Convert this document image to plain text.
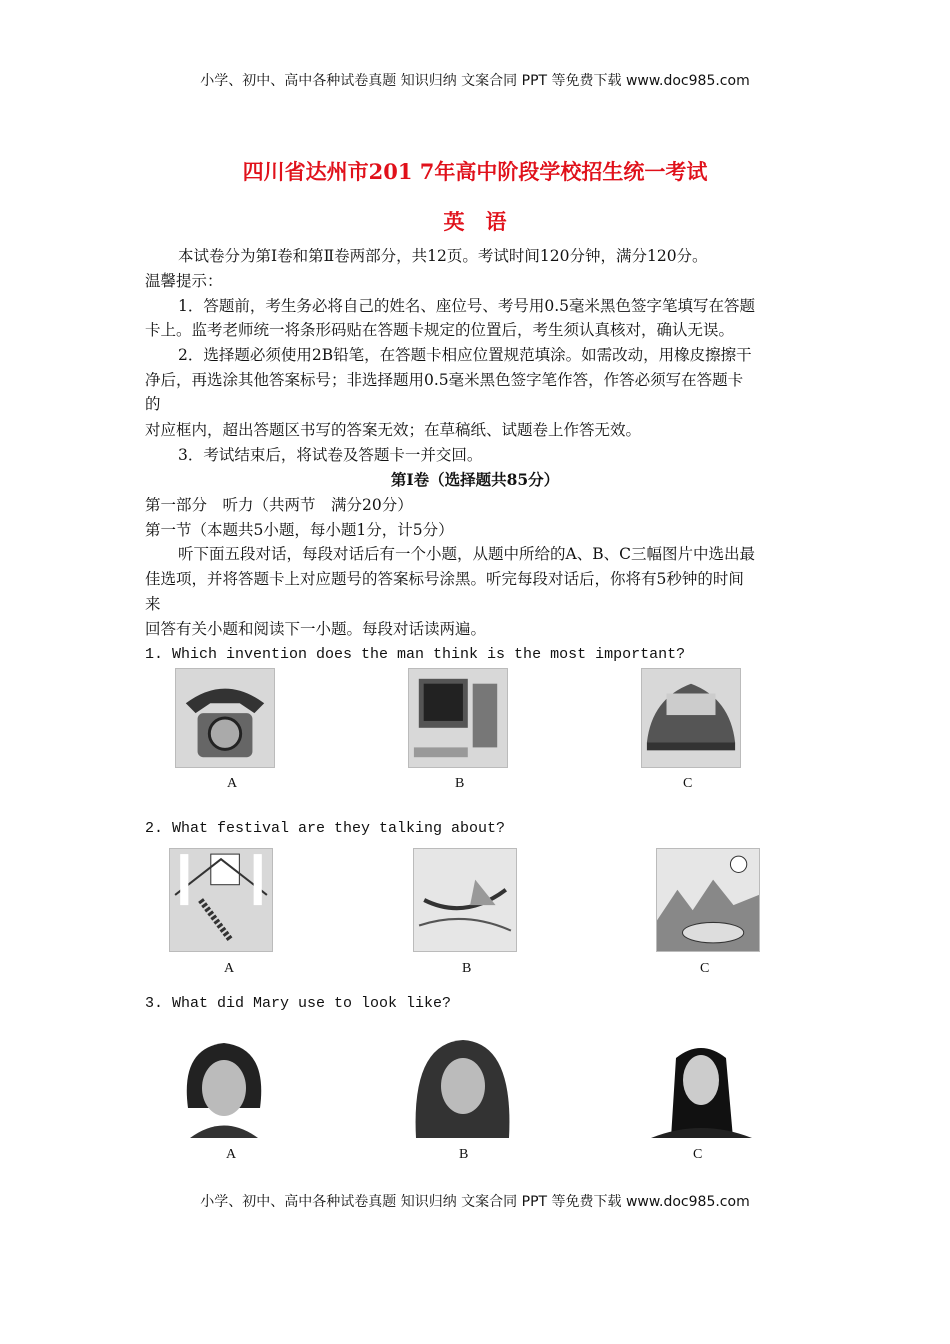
小学、初中、高中各种试卷真题 知识归纳 文案合同 PPT 等免费下载 www.doc985.com
四川省达州市201 7年高中阶段学校招生统一考试
英　语
本试卷分为第Ⅰ卷和第Ⅱ卷两部分，共12页。考试时间120分钟，满分120分。
温馨提示：
1．答题前，考生务必将自己的姓名、座位号、考号用0.5毫米黑色签字笔填写在答题
卡上。监考老师统一将条形码贴在答题卡规定的位置后，考生须认真核对，确认无误。
2．选择题必须使用2B铅笔，在答题卡相应位置规范填涂。如需改动，用橡皮擦擦干
净后，再选涂其他答案标号；非选择题用0.5毫米黑色签字笔作答，作答必须写在答题卡
的
对应框内，超出答题区书写的答案无效；在草稿纸、试题卷上作答无效。
3．考试结束后，将试卷及答题卡一并交回。
第Ⅰ卷（选择题共85分）
第一部分　听力（共两节　满分20分）
第一节（本题共5小题，每小题1分，计5分）
听下面五段对话，每段对话后有一个小题，从题中所给的A、B、C三幅图片中选出最
佳选项，并将答题卡上对应题号的答案标号涂黑。听完每段对话后，你将有5秒钟的时间
来
回答有关小题和阅读下一小题。每段对话读两遍。
1. Which invention does the man think is the most important?
A	B	C
2. What festival are they talking about?
A	B	C
3. What did Mary use to look like?
A	B	C
小学、初中、高中各种试卷真题 知识归纳 文案合同 PPT 等免费下载 www.doc985.com
